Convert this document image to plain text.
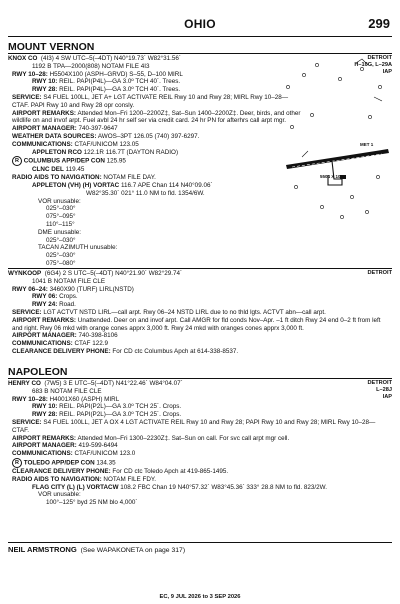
OHIO	299
MOUNT VERNON
DETROIT
H–10G, L–29A
IAP
KNOX CO (4I3) 4 SW UTC–5(–4DT) N40°19.73´ W82°31.56´
1192 B TPA—2000(808) NOTAM FILE 4I3
RWY 10–28: H5504X100 (ASPH–GRVD) S–55, D–100 MIRL
RWY 10: REIL. PAPI(P4L)—GA 3.0º TCH 40´. Trees.
RWY 28: REIL. PAPI(P4L)—GA 3.0º TCH 40´. Trees.
SERVICE: S4 FUEL 100LL, JET A+ LGT ACTIVATE REIL Rwy 10 and Rwy 28; MIRL Rwy 10–28—CTAF. PAPI Rwy 10 and Rwy 28 opr consly.
AIRPORT REMARKS: Attended Mon–Fri 1200–2200Z‡, Sat–Sun 1400–2200Z‡. Deer, birds, and other wildlife on and invof arpt. Fuel avbl 24 hr self ser via credit card. 24 hr PN for afterhrs call arpt mgr.
AIRPORT MANAGER: 740-397-9647
WEATHER DATA SOURCES: AWOS–3PT 126.05 (740) 397-6297.
COMMUNICATIONS: CTAF/UNICOM 123.05
APPLETON RCO 122.1R 116.7T (DAYTON RADIO)
R COLUMBUS APP/DEP CON 125.95
CLNC DEL 119.45
RADIO AIDS TO NAVIGATION: NOTAM FILE DAY.
APPLETON (VH) (H) VORTAC 116.7 APE Chan 114 N40°09.06´
W82°35.30´ 021° 11.0 NM to fld. 1354/6W.
VOR unusable:
025°–030°
075°–095°
110°–115°
DME unusable:
025°–030°
TACAN AZIMUTH unusable:
025°–030°
075°–080°
5504 X 100
MET 1
DETROIT
WYNKOOP (6G4) 2 S UTC–5(–4DT) N40°21.90´ W82°29.74´
1041 B NOTAM FILE CLE
RWY 06–24: 3460X90 (TURF) LIRL(NSTD)
RWY 06: Crops.
RWY 24: Road.
SERVICE: LGT ACTVT NSTD LIRL—call arpt. Rwy 06–24 NSTD LIRL due to no thld lgts. ACTVT abn—call arpt.
AIRPORT REMARKS: Unattended. Deer on and invof arpt. Call AMGR for fld conds Nov–Apr. –1 ft ditch Rwy 24 end 0–2 ft from left and right. Rwy 06 mkd with orange cones apprx 3,000 ft. Rwy 24 mkd with oranges cones apprx 3,000 ft.
AIRPORT MANAGER: 740-398-8106
COMMUNICATIONS: CTAF 122.9
CLEARANCE DELIVERY PHONE: For CD ctc Columbus Apch at 614-338-8537.
NAPOLEON
DETROIT
L–28J
IAP
HENRY CO (7W5) 3 E UTC–5(–4DT) N41°22.46´ W84°04.07´
683 B NOTAM FILE CLE
RWY 10–28: H4001X60 (ASPH) MIRL
RWY 10: REIL. PAPI(P2L)—GA 3.0º TCH 25´. Crops.
RWY 28: REIL. PAPI(P2L)—GA 3.0º TCH 25´. Crops.
SERVICE: S4 FUEL 100LL, JET A OX 4 LGT ACTIVATE REIL Rwy 10 and Rwy 28; PAPI Rwy 10 and Rwy 28; MIRL Rwy 10–28—CTAF.
AIRPORT REMARKS: Attended Mon–Fri 1300–2230Z‡. Sat–Sun on call. For svc call arpt mgr cell.
AIRPORT MANAGER: 419-599-6494
COMMUNICATIONS: CTAF/UNICOM 123.0
R TOLEDO APP/DEP CON 134.35
CLEARANCE DELIVERY PHONE: For CD ctc Toledo Apch at 419-865-1495.
RADIO AIDS TO NAVIGATION: NOTAM FILE FDY.
FLAG CITY (L) (L) VORTACW 108.2 FBC Chan 19 N40°57.32´ W83°45.36´ 333° 28.8 NM to fld. 823/2W.
VOR unusable:
100°–125° byd 25 NM blo 4,000´
NEIL ARMSTRONG (See WAPAKONETA on page 317)
EC, 9 JUL 2026 to 3 SEP 2026
